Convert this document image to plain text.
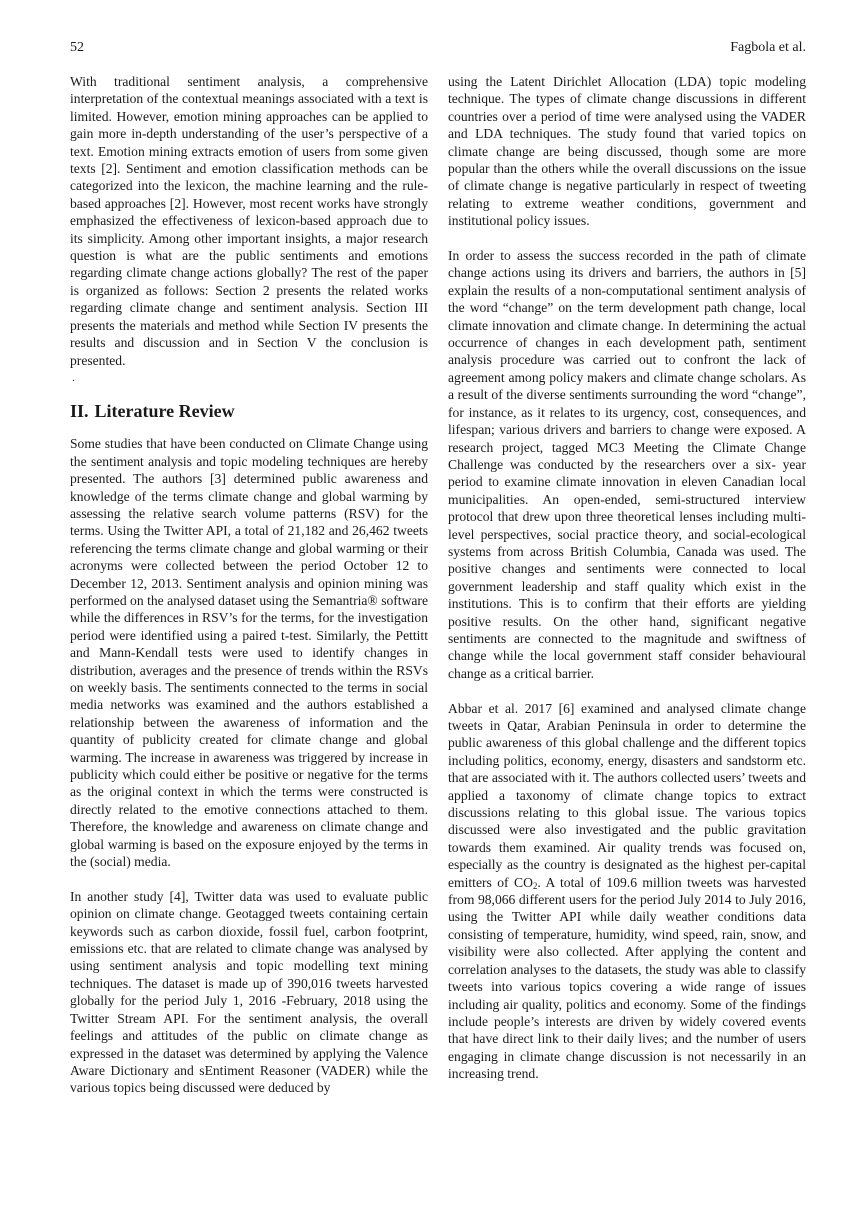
52	Fagbola et al.

With traditional sentiment analysis, a comprehensive interpretation of the contextual meanings associated with a text is limited. However, emotion mining approaches can be applied to gain more in-depth understanding of the user’s perspective of a text. Emotion mining extracts emotion of users from some given texts [2]. Sentiment and emotion classification methods can be categorized into the lexicon, the machine learning and the rule-based approaches [2]. However, most recent works have strongly emphasized the effectiveness of lexicon-based approach due to its simplicity. Among other important insights, a major research question is what are the public sentiments and emotions regarding climate change actions globally? The rest of the paper is organized as follows: Section 2 presents the related works regarding climate change and sentiment analysis. Section III presents the materials and method while Section IV presents the results and discussion and in Section V the conclusion is presented.

.
II. Literature Review

Some studies that have been conducted on Climate Change using the sentiment analysis and topic modeling techniques are hereby presented. The authors [3] determined public awareness and knowledge of the terms climate change and global warming by assessing the relative search volume patterns (RSV) for the terms. Using the Twitter API, a total of 21,182 and 26,462 tweets referencing the terms climate change and global warming or their acronyms were collected between the period October 12 to December 12, 2013. Sentiment analysis and opinion mining was performed on the analysed dataset using the Semantria® software while the differences in RSV’s for the terms, for the investigation period were identified using a paired t-test. Similarly, the Pettitt and Mann-Kendall tests were used to identify changes in distribution, averages and the presence of trends within the RSVs on weekly basis. The sentiments connected to the terms in social media networks was examined and the authors established a relationship between the awareness of information and the quantity of publicity created for climate change and global warming. The increase in awareness was triggered by increase in publicity which could either be positive or negative for the terms as the original context in which the terms were constructed is directly related to the emotive connections attached to them. Therefore, the knowledge and awareness on climate change and global warming is based on the exposure enjoyed by the terms in the (social) media.

In another study [4], Twitter data was used to evaluate public opinion on climate change. Geotagged tweets containing certain keywords such as carbon dioxide, fossil fuel, carbon footprint, emissions etc. that are related to climate change was analysed by using sentiment analysis and topic modelling text mining techniques. The dataset is made up of 390,016 tweets harvested globally for the period July 1, 2016 -February, 2018 using the Twitter Stream API. For the sentiment analysis, the overall feelings and attitudes of the public on climate change as expressed in the dataset was determined by applying the Valence Aware Dictionary and sEntiment Reasoner (VADER) while the various topics being discussed were deduced by

using the Latent Dirichlet Allocation (LDA) topic modeling technique. The types of climate change discussions in different countries over a period of time were analysed using the VADER and LDA techniques. The study found that varied topics on climate change are being discussed, though some are more popular than the others while the overall discussions on the issue of climate change is negative particularly in respect of tweeting relating to extreme weather conditions, government and institutional policy issues.

In order to assess the success recorded in the path of climate change actions using its drivers and barriers, the authors in [5] explain the results of a non-computational sentiment analysis of the word “change” on the term development path change, local climate innovation and climate change. In determining the actual occurrence of changes in each development path, sentiment analysis procedure was carried out to confront the lack of agreement among policy makers and climate change scholars. As a result of the diverse sentiments surrounding the word “change”, for instance, as it relates to its urgency, cost, consequences, and lifespan; various drivers and barriers to change were exposed. A research project, tagged MC3 Meeting the Climate Change Challenge was conducted by the researchers over a six- year period to examine climate innovation in eleven Canadian local municipalities. An open-ended, semi-structured interview protocol that drew upon three theoretical lenses including multi-level perspectives, social practice theory, and social-ecological systems from across British Columbia, Canada was used. The positive changes and sentiments were connected to local government leadership and staff quality which exist in the institutions. This is to confirm that their efforts are yielding positive results. On the other hand, significant negative sentiments are connected to the magnitude and swiftness of change while the local government staff consider behavioural change as a critical barrier.

Abbar et al. 2017 [6] examined and analysed climate change tweets in Qatar, Arabian Peninsula in order to determine the public awareness of this global challenge and the different topics including politics, economy, energy, disasters and sandstorm etc. that are associated with it. The authors collected users’ tweets and applied a taxonomy of climate change topics to extract discussions relating to this global issue. The various topics discussed were also investigated and the public gravitation towards them examined. Air quality trends was focused on, especially as the country is designated as the highest per-capital emitters of $CO_2$. A total of 109.6 million tweets was harvested from 98,066 different users for the period July 2014 to July 2016, using the Twitter API while daily weather conditions data consisting of temperature, humidity, wind speed, rain, snow, and visibility were also collected. After applying the content and correlation analyses to the datasets, the study was able to classify tweets into various topics covering a wide range of issues including air quality, politics and economy. Some of the findings include people’s interests are driven by widely covered events that have direct link to their daily lives; and the number of users engaging in climate change discussion is not necessarily in an increasing trend.
